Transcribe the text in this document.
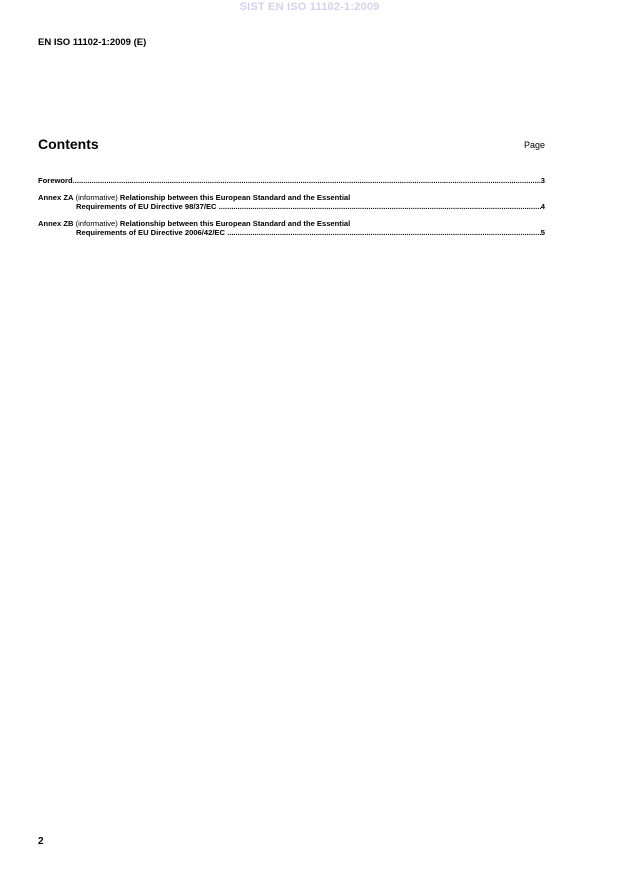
SIST EN ISO 11102-1:2009
EN ISO 11102-1:2009 (E)
Contents	Page
Foreword .....	3
Annex ZA (informative) Relationship between this European Standard and the Essential
Requirements of EU Directive 98/37/EC .....	4
Annex ZB (informative) Relationship between this European Standard and the Essential
Requirements of EU Directive 2006/42/EC .....	5
2
